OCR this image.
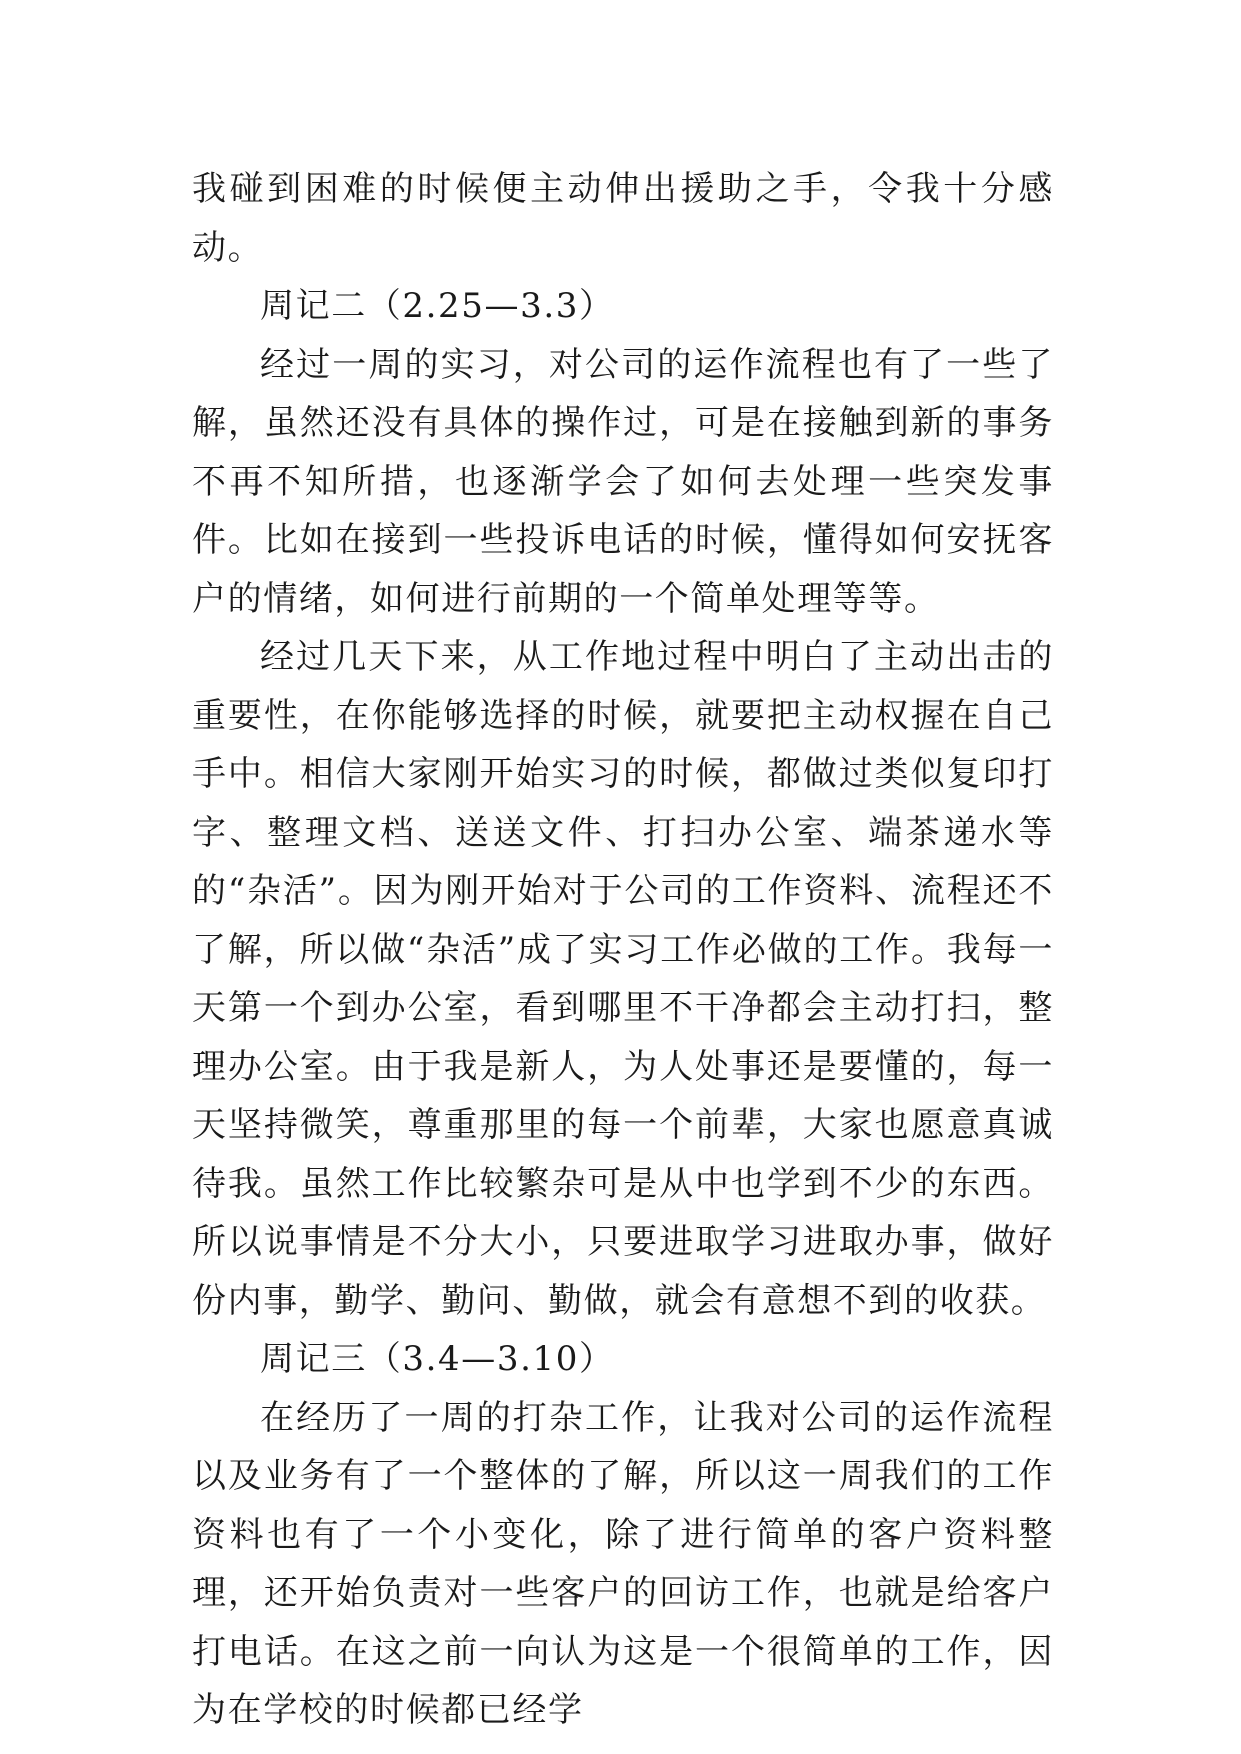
我碰到困难的时候便主动伸出援助之手，令我十分感动。

周记二（2.25—3.3）

经过一周的实习，对公司的运作流程也有了一些了解，虽然还没有具体的操作过，可是在接触到新的事务不再不知所措，也逐渐学会了如何去处理一些突发事件。比如在接到一些投诉电话的时候，懂得如何安抚客户的情绪，如何进行前期的一个简单处理等等。

经过几天下来，从工作地过程中明白了主动出击的重要性，在你能够选择的时候，就要把主动权握在自己手中。相信大家刚开始实习的时候，都做过类似复印打字、整理文档、送送文件、打扫办公室、端茶递水等的“杂活”。因为刚开始对于公司的工作资料、流程还不了解，所以做“杂活”成了实习工作必做的工作。我每一天第一个到办公室，看到哪里不干净都会主动打扫，整理办公室。由于我是新人，为人处事还是要懂的，每一天坚持微笑，尊重那里的每一个前辈，大家也愿意真诚待我。虽然工作比较繁杂可是从中也学到不少的东西。所以说事情是不分大小，只要进取学习进取办事，做好份内事，勤学、勤问、勤做，就会有意想不到的收获。

周记三（3.4—3.10）

在经历了一周的打杂工作，让我对公司的运作流程以及业务有了一个整体的了解，所以这一周我们的工作资料也有了一个小变化，除了进行简单的客户资料整理，还开始负责对一些客户的回访工作，也就是给客户打电话。在这之前一向认为这是一个很简单的工作，因为在学校的时候都已经学
